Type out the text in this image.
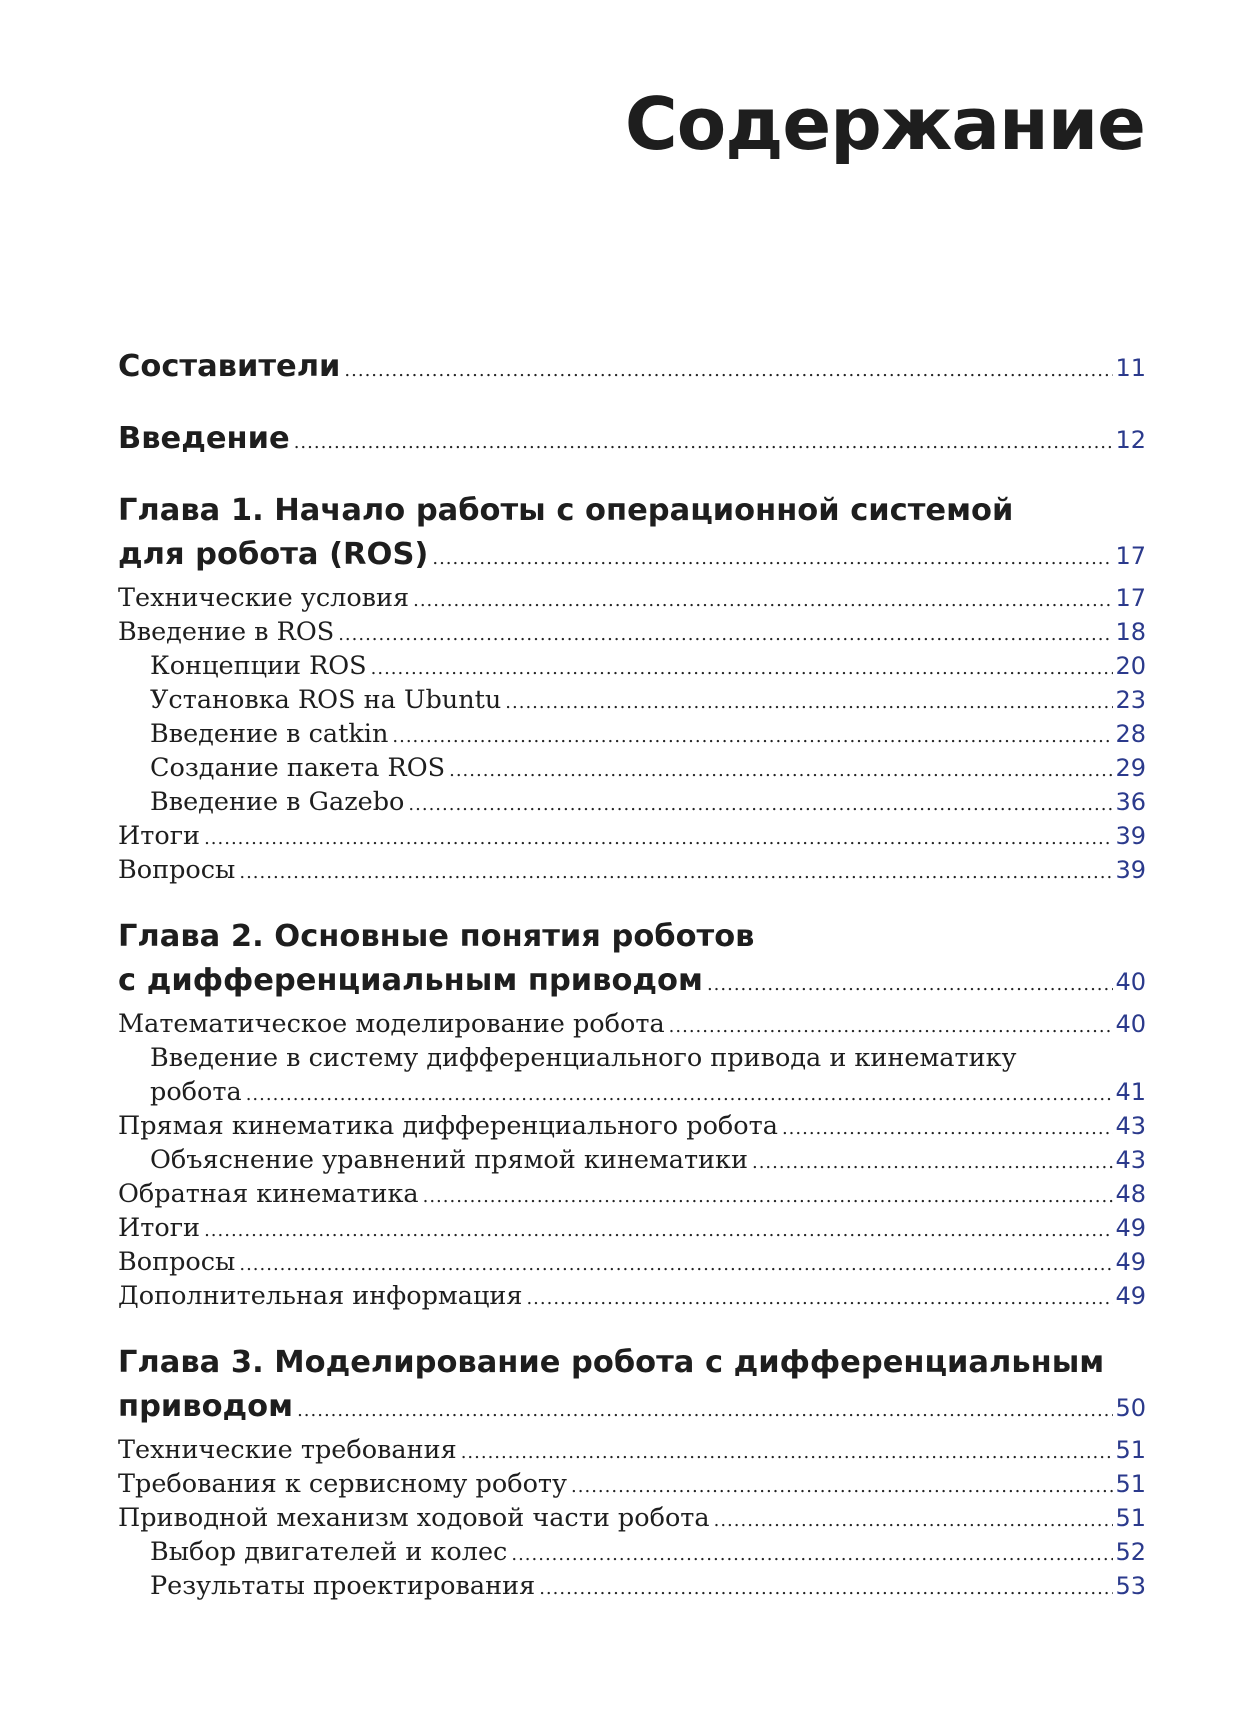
Содержание
Составители .....	11
Введение .....	12
Глава 1. Начало работы с операционной системой
для робота (ROS) .....	17
Технические условия .....	17
Введение в ROS .....	18
Концепции ROS .....	20
Установка ROS на Ubuntu .....	23
Введение в catkin .....	28
Создание пакета ROS .....	29
Введение в Gazebo .....	36
Итоги .....	39
Вопросы .....	39
Глава 2. Основные понятия роботов
с дифференциальным приводом .....	40
Математическое моделирование робота .....	40
Введение в систему дифференциального привода и кинематику
робота .....	41
Прямая кинематика дифференциального робота .....	43
Объяснение уравнений прямой кинематики .....	43
Обратная кинематика .....	48
Итоги .....	49
Вопросы .....	49
Дополнительная информация .....	49
Глава 3. Моделирование робота с дифференциальным
приводом .....	50
Технические требования .....	51
Требования к сервисному роботу .....	51
Приводной механизм ходовой части робота .....	51
Выбор двигателей и колес .....	52
Результаты проектирования .....	53
